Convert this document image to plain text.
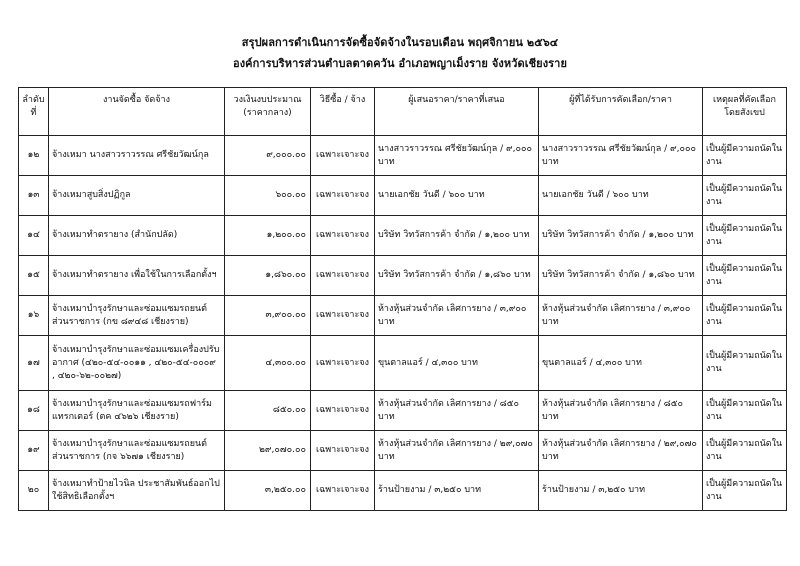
สรุปผลการดำเนินการจัดซื้อจัดจ้างในรอบเดือน พฤศจิกายน ๒๕๖๔
องค์การบริหารส่วนตำบลตาดควัน อำเภอพญาเม็งราย จังหวัดเชียงราย
ลำดับที่	งานจัดซื้อ จัดจ้าง	วงเงินงบประมาณ (ราคากลาง)	วิธีซื้อ / จ้าง	ผู้เสนอราคา/ราคาที่เสนอ	ผู้ที่ได้รับการคัดเลือก/ราคา	เหตุผลที่คัดเลือกโดยสังเขป
๑๒	จ้างเหมา นางสาวราวรรณ ศรีชัยวัฒน์กุล	๙,๐๐๐.๐๐	เฉพาะเจาะจง	นางสาวราวรรณ ศรีชัยวัฒน์กุล / ๙,๐๐๐ บาท	นางสาวราวรรณ ศรีชัยวัฒน์กุล / ๙,๐๐๐ บาท	เป็นผู้มีความถนัดในงาน
๑๓	จ้างเหมาสูบสิ่งปฏิกูล	๖๐๐.๐๐	เฉพาะเจาะจง	นายเอกชัย วันดี / ๖๐๐ บาท	นายเอกชัย วันดี / ๖๐๐ บาท	เป็นผู้มีความถนัดในงาน
๑๔	จ้างเหมาทำตรายาง (สำนักปลัด)	๑,๒๐๐.๐๐	เฉพาะเจาะจง	บริษัท วิทวัสการค้า จำกัด / ๑,๒๐๐ บาท	บริษัท วิทวัสการค้า จำกัด / ๑,๒๐๐ บาท	เป็นผู้มีความถนัดในงาน
๑๕	จ้างเหมาทำตรายาง เพื่อใช้ในการเลือกตั้งฯ	๑,๘๖๐.๐๐	เฉพาะเจาะจง	บริษัท วิทวัสการค้า จำกัด / ๑,๘๖๐ บาท	บริษัท วิทวัสการค้า จำกัด / ๑,๘๖๐ บาท	เป็นผู้มีความถนัดในงาน
๑๖	จ้างเหมาบำรุงรักษาและซ่อมแซมรถยนต์ส่วนราชการ (กข ๘๙๔๘ เชียงราย)	๓,๙๐๐.๐๐	เฉพาะเจาะจง	ห้างหุ้นส่วนจำกัด เลิศการยาง / ๓,๙๐๐ บาท	ห้างหุ้นส่วนจำกัด เลิศการยาง / ๓,๙๐๐ บาท	เป็นผู้มีความถนัดในงาน
๑๗	จ้างเหมาบำรุงรักษาและซ่อมแซมเครื่องปรับอากาศ (๔๒๐-๕๔-๐๐๑๑ , ๔๒๐-๕๔-๐๐๐๙ , ๔๒๐-๖๒-๐๐๒๗)	๔,๓๐๐.๐๐	เฉพาะเจาะจง	ขุนตาลแอร์ / ๔,๓๐๐ บาท	ขุนตาลแอร์ / ๔,๓๐๐ บาท	เป็นผู้มีความถนัดในงาน
๑๘	จ้างเหมาบำรุงรักษาและซ่อมแซมรถฟาร์มแทรกเตอร์ (ตค ๔๖๒๖ เชียงราย)	๘๕๐.๐๐	เฉพาะเจาะจง	ห้างหุ้นส่วนจำกัด เลิศการยาง / ๘๕๐ บาท	ห้างหุ้นส่วนจำกัด เลิศการยาง / ๘๕๐ บาท	เป็นผู้มีความถนัดในงาน
๑๙	จ้างเหมาบำรุงรักษาและซ่อมแซมรถยนต์ส่วนราชการ (กจ ๖๖๗๑ เชียงราย)	๒๙,๐๗๐.๐๐	เฉพาะเจาะจง	ห้างหุ้นส่วนจำกัด เลิศการยาง / ๒๙,๐๗๐ บาท	ห้างหุ้นส่วนจำกัด เลิศการยาง / ๒๙,๐๗๐ บาท	เป็นผู้มีความถนัดในงาน
๒๐	จ้างเหมาทำป้ายไวนิล ประชาสัมพันธ์ออกไปใช้สิทธิเลือกตั้งฯ	๓,๒๕๐.๐๐	เฉพาะเจาะจง	ร้านป้ายงาม / ๓,๒๕๐ บาท	ร้านป้ายงาม / ๓,๒๕๐ บาท	เป็นผู้มีความถนัดในงาน
